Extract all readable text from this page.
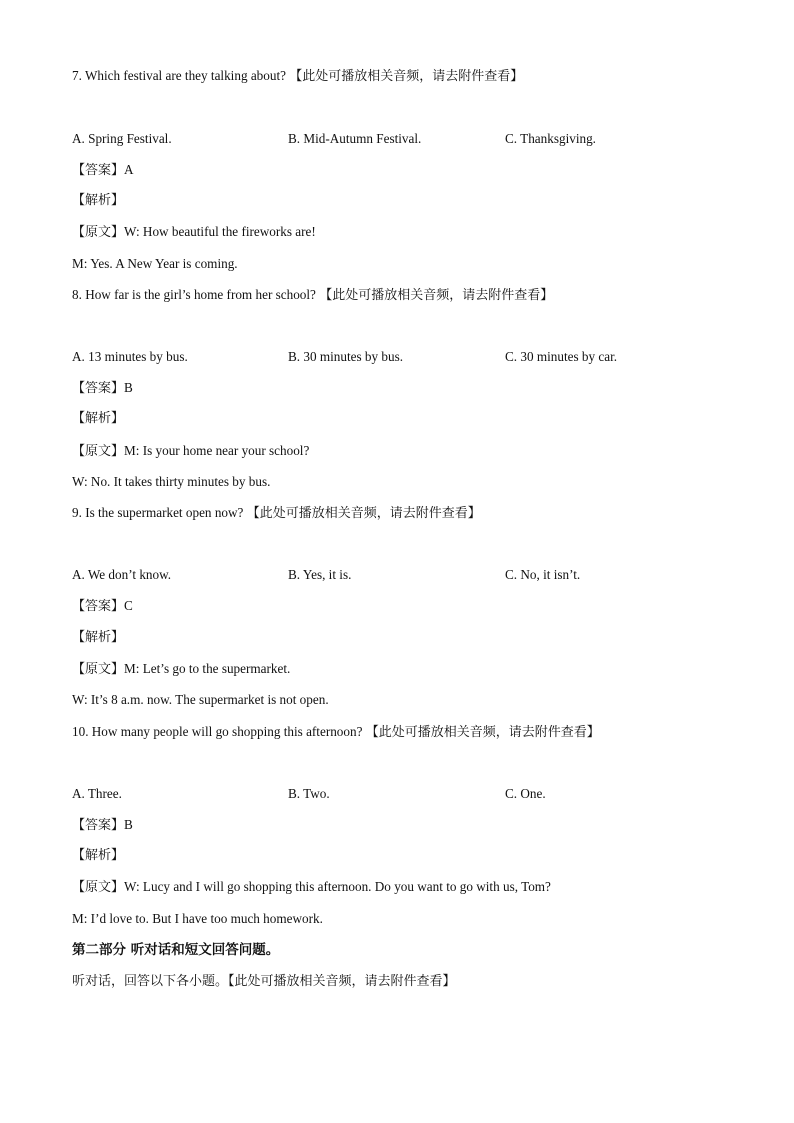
7. Which festival are they talking about? 【此处可播放相关音频，请去附件查看】
A. Spring Festival.	B. Mid-Autumn Festival.	C. Thanksgiving.
【答案】A
【解析】
【原文】W: How beautiful the fireworks are!
M: Yes. A New Year is coming.
8. How far is the girl’s home from her school? 【此处可播放相关音频，请去附件查看】
A. 13 minutes by bus.	B. 30 minutes by bus.	C. 30 minutes by car.
【答案】B
【解析】
【原文】M: Is your home near your school?
W: No. It takes thirty minutes by bus.
9. Is the supermarket open now? 【此处可播放相关音频，请去附件查看】
A. We don’t know.	B. Yes, it is.	C. No, it isn’t.
【答案】C
【解析】
【原文】M: Let’s go to the supermarket.
W: It’s 8 a.m. now. The supermarket is not open.
10. How many people will go shopping this afternoon? 【此处可播放相关音频，请去附件查看】
A. Three.	B. Two.	C. One.
【答案】B
【解析】
【原文】W: Lucy and I will go shopping this afternoon. Do you want to go with us, Tom?
M: I’d love to. But I have too much homework.
第二部分 听对话和短文回答问题。
听对话，回答以下各小题。【此处可播放相关音频，请去附件查看】
